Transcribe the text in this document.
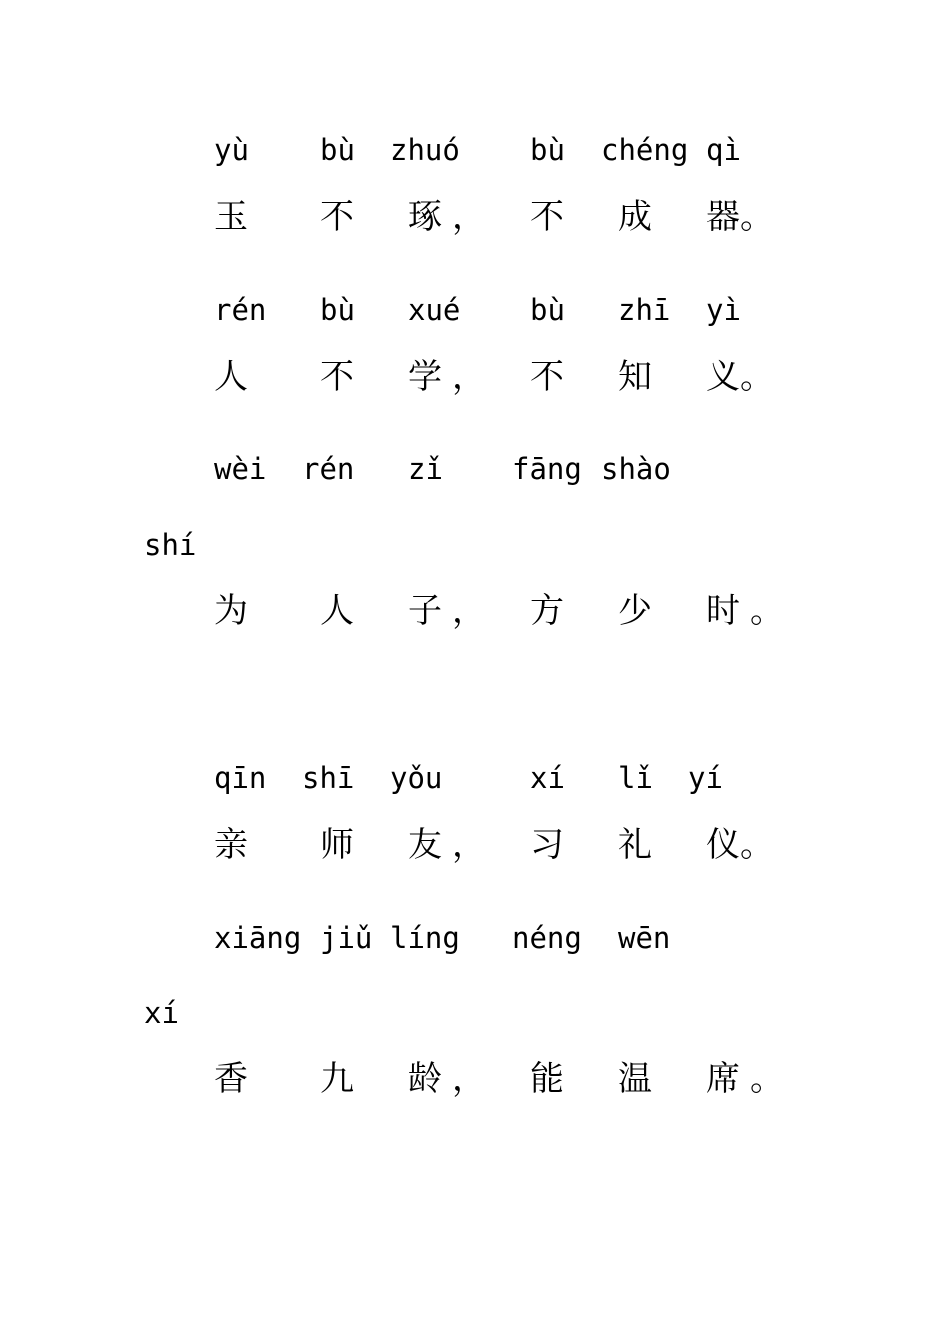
yù bù zhuó bù chéng qì
玉 不 琢 ， 不 成 器。
rén bù xué bù zhī yì
人 不 学 ， 不 知 义。
wèi rén zǐ fāng shào
shí
为 人 子 ， 方 少 时 。
qīn shī yǒu	xí lǐ yí
亲 师 友 ， 习 礼 仪。
xiāng jiǔ líng néng wēn
xí
香 九 龄 ， 能 温 席 。
